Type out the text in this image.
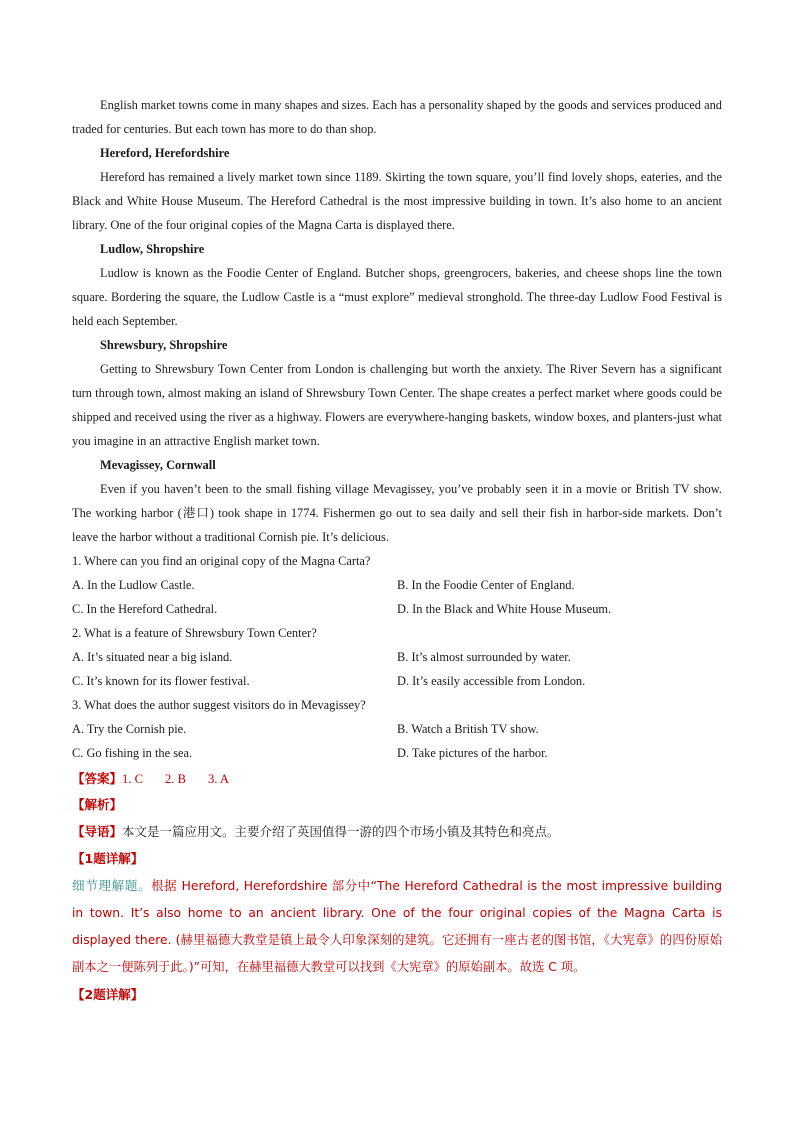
English market towns come in many shapes and sizes. Each has a personality shaped by the goods and services produced and traded for centuries. But each town has more to do than shop.

Hereford, Herefordshire

Hereford has remained a lively market town since 1189. Skirting the town square, you’ll find lovely shops, eateries, and the Black and White House Museum. The Hereford Cathedral is the most impressive building in town. It’s also home to an ancient library. One of the four original copies of the Magna Carta is displayed there.

Ludlow, Shropshire

Ludlow is known as the Foodie Center of England. Butcher shops, greengrocers, bakeries, and cheese shops line the town square. Bordering the square, the Ludlow Castle is a “must explore” medieval stronghold. The three-day Ludlow Food Festival is held each September.

Shrewsbury, Shropshire

Getting to Shrewsbury Town Center from London is challenging but worth the anxiety. The River Severn has a significant turn through town, almost making an island of Shrewsbury Town Center. The shape creates a perfect market where goods could be shipped and received using the river as a highway. Flowers are everywhere-hanging baskets, window boxes, and planters-just what you imagine in an attractive English market town.

Mevagissey, Cornwall

Even if you haven’t been to the small fishing village Mevagissey, you’ve probably seen it in a movie or British TV show. The working harbor (港口) took shape in 1774. Fishermen go out to sea daily and sell their fish in harbor-side markets. Don’t leave the harbor without a traditional Cornish pie. It’s delicious.

1. Where can you find an original copy of the Magna Carta?

A. In the Ludlow Castle.	B. In the Foodie Center of England.
C. In the Hereford Cathedral.	D. In the Black and White House Museum.

2. What is a feature of Shrewsbury Town Center?

A. It’s situated near a big island.	B. It’s almost surrounded by water.
C. It’s known for its flower festival.	D. It’s easily accessible from London.

3. What does the author suggest visitors do in Mevagissey?

A. Try the Cornish pie.	B. Watch a British TV show.
C. Go fishing in the sea.	D. Take pictures of the harbor.

【答案】1. C 2. B 3. A

【解析】

【导语】本文是一篇应用文。主要介绍了英国值得一游的四个市场小镇及其特色和亮点。

【1题详解】

细节理解题。根据 Hereford, Herefordshire 部分中“The Hereford Cathedral is the most impressive building in town. It’s also home to an ancient library. One of the four original copies of the Magna Carta is displayed there. (赫里福德大教堂是镇上最令人印象深刻的建筑。它还拥有一座古老的图书馆，《大宪章》的四份原始副本之一便陈列于此。)”可知，在赫里福德大教堂可以找到《大宪章》的原始副本。故选 C 项。

【2题详解】
